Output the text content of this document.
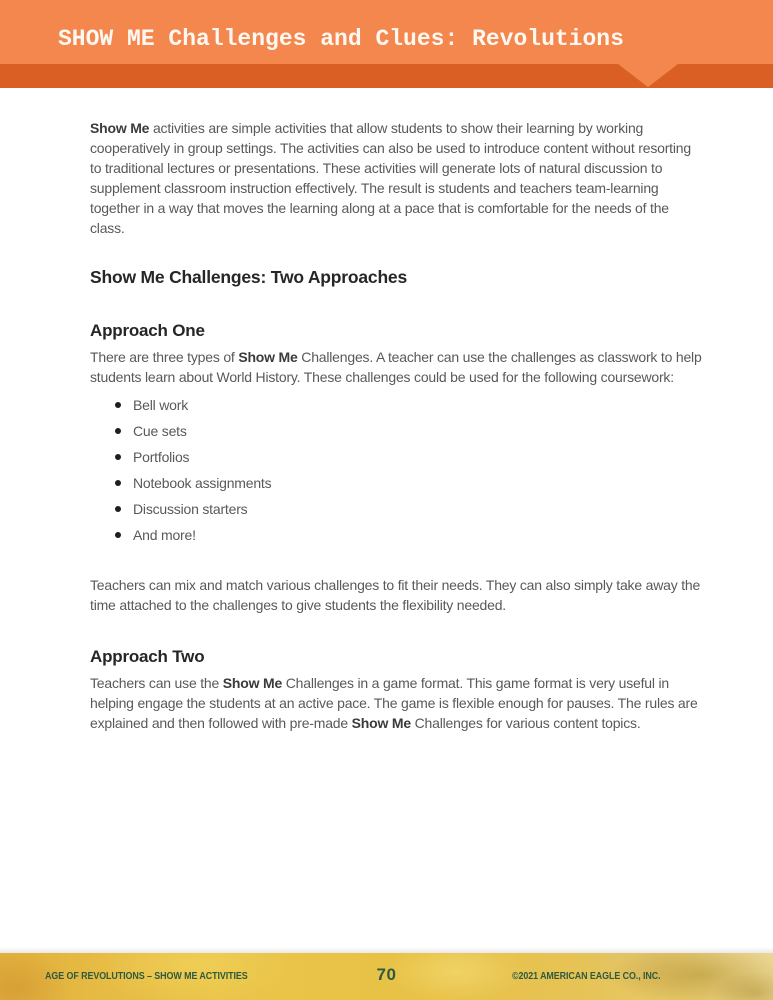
SHOW ME Challenges and Clues: Revolutions

Show Me activities are simple activities that allow students to show their learning by working cooperatively in group settings. The activities can also be used to introduce content without resorting to traditional lectures or presentations. These activities will generate lots of natural discussion to supplement classroom instruction effectively. The result is students and teachers team-learning together in a way that moves the learning along at a pace that is comfortable for the needs of the class.

Show Me Challenges: Two Approaches
Approach One

There are three types of Show Me Challenges. A teacher can use the challenges as classwork to help students learn about World History. These challenges could be used for the following coursework:

Bell work
Cue sets
Portfolios
Notebook assignments
Discussion starters
And more!

Teachers can mix and match various challenges to fit their needs. They can also simply take away the time attached to the challenges to give students the flexibility needed.

Approach Two

Teachers can use the Show Me Challenges in a game format. This game format is very useful in helping engage the students at an active pace. The game is flexible enough for pauses. The rules are explained and then followed with pre-made Show Me Challenges for various content topics.

AGE OF REVOLUTIONS – SHOW ME ACTIVITIES	70	©2021 AMERICAN EAGLE CO., INC.
